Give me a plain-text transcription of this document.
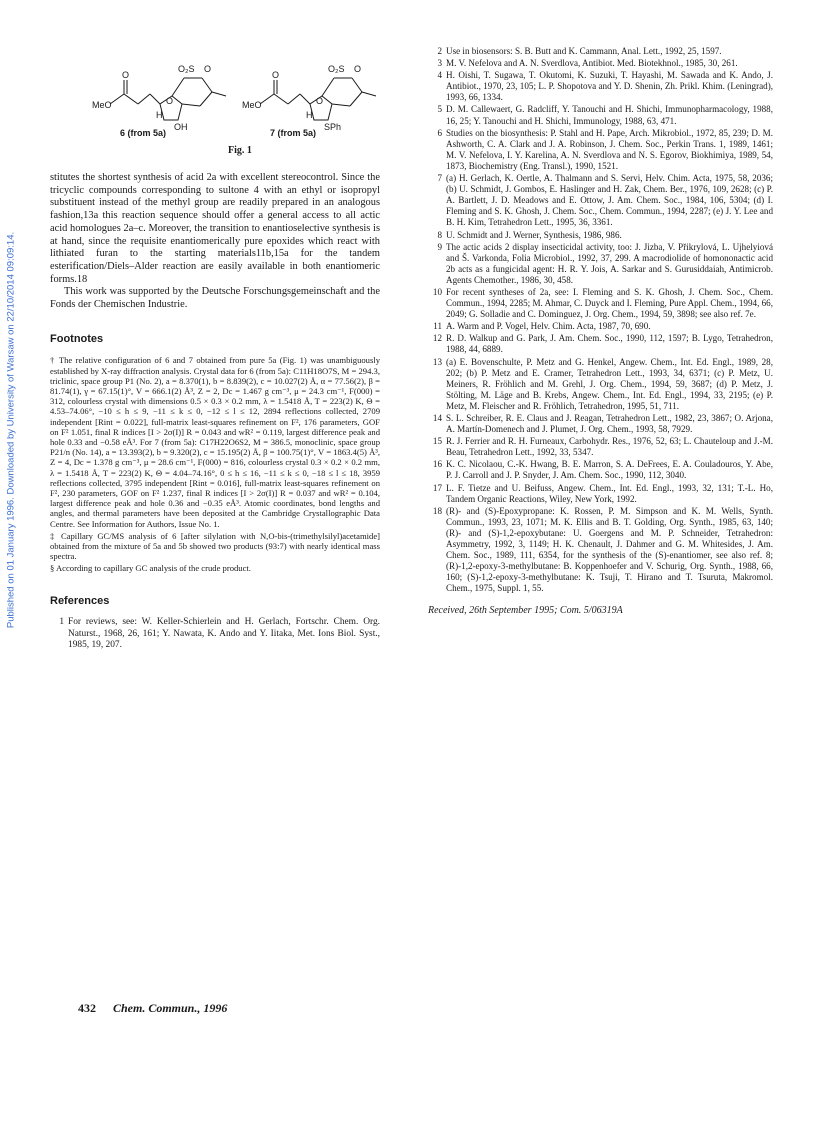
Published on 01 January 1996. Downloaded by University of Warsaw on 22/10/2014 09:09:14.
MeO
O
H
OH
O₂S O
O
6 (from 5a)
MeO
O
H
SPh
O₂S O
O
7 (from 5a)
Fig. 1

stitutes the shortest synthesis of acid 2a with excellent stereocontrol. Since the tricyclic compounds corresponding to sultone 4 with an ethyl or isopropyl substituent instead of the methyl group are readily prepared in an analogous fashion,13a this reaction sequence should offer a general access to all actic acid homologues 2a–c. Moreover, the transition to enantioselective synthesis is at hand, since the requisite enantiomerically pure epoxides which react with lithiated furan to the starting materials11b,15a for the tandem esterification/Diels–Alder reaction are easily available in both enantiomeric forms.18

This work was supported by the Deutsche Forschungsgemeinschaft and the Fonds der Chemischen Industrie.

Footnotes

† The relative configuration of 6 and 7 obtained from pure 5a (Fig. 1) was unambiguously established by X-ray diffraction analysis. Crystal data for 6 (from 5a): C11H18O7S, M = 294.3, triclinic, space group P1 (No. 2), a = 8.370(1), b = 8.839(2), c = 10.027(2) Å, α = 77.56(2), β = 81.74(1), γ = 67.15(1)°, V = 666.1(2) Å³, Z = 2, Dc = 1.467 g cm⁻³, μ = 24.3 cm⁻¹, F(000) = 312, colourless crystal with dimensions 0.5 × 0.3 × 0.2 mm, λ = 1.5418 Å, T = 223(2) K, Θ = 4.53–74.06°, −10 ≤ h ≤ 9, −11 ≤ k ≤ 0, −12 ≤ l ≤ 12, 2894 reflections collected, 2709 independent [Rint = 0.022], full-matrix least-squares refinement on F², 176 parameters, GOF on F² 1.051, final R indices [I > 2σ(I)] R = 0.043 and wR² = 0.119, largest difference peak and hole 0.33 and −0.58 eÅ³. For 7 (from 5a): C17H22O6S2, M = 386.5, monoclinic, space group P21/n (No. 14), a = 13.393(2), b = 9.320(2), c = 15.195(2) Å, β = 100.75(1)°, V = 1863.4(5) Å³, Z = 4, Dc = 1.378 g cm⁻³, μ = 28.6 cm⁻¹, F(000) = 816, colourless crystal 0.3 × 0.2 × 0.2 mm, λ = 1.5418 Å, T = 223(2) K, Θ = 4.04–74.16°, 0 ≤ h ≤ 16, −11 ≤ k ≤ 0, −18 ≤ l ≤ 18, 3959 reflections collected, 3795 independent [Rint = 0.016], full-matrix least-squares refinement on F², 230 parameters, GOF on F² 1.237, final R indices [I > 2σ(I)] R = 0.037 and wR² = 0.104, largest difference peak and hole 0.36 and −0.35 eÅ³. Atomic coordinates, bond lengths and angles, and thermal parameters have been deposited at the Cambridge Crystallographic Data Centre. See Information for Authors, Issue No. 1.

‡ Capillary GC/MS analysis of 6 [after silylation with N,O-bis-(trimethylsilyl)acetamide] obtained from the mixture of 5a and 5b showed two products (93:7) with nearly identical mass spectra.

§ According to capillary GC analysis of the crude product.

References
1 For reviews, see: W. Keller-Schierlein and H. Gerlach, Fortschr. Chem. Org. Naturst., 1968, 26, 161; Y. Nawata, K. Ando and Y. Iitaka, Met. Ions Biol. Syst., 1985, 19, 207.
2 Use in biosensors: S. B. Butt and K. Cammann, Anal. Lett., 1992, 25, 1597.
3 M. V. Nefelova and A. N. Sverdlova, Antibiot. Med. Biotekhnol., 1985, 30, 261.
4 H. Oishi, T. Sugawa, T. Okutomi, K. Suzuki, T. Hayashi, M. Sawada and K. Ando, J. Antibiot., 1970, 23, 105; L. P. Shopotova and Y. D. Shenin, Zh. Prikl. Khim. (Leningrad), 1993, 66, 1334.
5 D. M. Callewaert, G. Radcliff, Y. Tanouchi and H. Shichi, Immunopharmacology, 1988, 16, 25; Y. Tanouchi and H. Shichi, Immunology, 1988, 63, 471.
6 Studies on the biosynthesis: P. Stahl and H. Pape, Arch. Mikrobiol., 1972, 85, 239; D. M. Ashworth, C. A. Clark and J. A. Robinson, J. Chem. Soc., Perkin Trans. 1, 1989, 1461; M. V. Nefelova, I. Y. Karelina, A. N. Sverdlova and N. S. Egorov, Biokhimiya, 1989, 54, 1873, Biochemistry (Eng. Transl.), 1990, 1521.
7 (a) H. Gerlach, K. Oertle, A. Thalmann and S. Servi, Helv. Chim. Acta, 1975, 58, 2036; (b) U. Schmidt, J. Gombos, E. Haslinger and H. Zak, Chem. Ber., 1976, 109, 2628; (c) P. A. Bartlett, J. D. Meadows and E. Ottow, J. Am. Chem. Soc., 1984, 106, 5304; (d) I. Fleming and S. K. Ghosh, J. Chem. Soc., Chem. Commun., 1994, 2287; (e) J. Y. Lee and B. H. Kim, Tetrahedron Lett., 1995, 36, 3361.
8 U. Schmidt and J. Werner, Synthesis, 1986, 986.
9 The actic acids 2 display insecticidal activity, too: J. Jizba, V. Přikrylová, L. Ujhelyiová and Š. Varkonda, Folia Microbiol., 1992, 37, 299. A macrodiolide of homononactic acid 2b acts as a fungicidal agent: H. R. Y. Jois, A. Sarkar and S. Gurusiddaiah, Antimicrob. Agents Chemother., 1986, 30, 458.
10 For recent syntheses of 2a, see: I. Fleming and S. K. Ghosh, J. Chem. Soc., Chem. Commun., 1994, 2285; M. Ahmar, C. Duyck and I. Fleming, Pure Appl. Chem., 1994, 66, 2049; G. Solladie and C. Dominguez, J. Org. Chem., 1994, 59, 3898; see also ref. 7e.
11 A. Warm and P. Vogel, Helv. Chim. Acta, 1987, 70, 690.
12 R. D. Walkup and G. Park, J. Am. Chem. Soc., 1990, 112, 1597; B. Lygo, Tetrahedron, 1988, 44, 6889.
13 (a) E. Bovenschulte, P. Metz and G. Henkel, Angew. Chem., Int. Ed. Engl., 1989, 28, 202; (b) P. Metz and E. Cramer, Tetrahedron Lett., 1993, 34, 6371; (c) P. Metz, U. Meiners, R. Fröhlich and M. Grehl, J. Org. Chem., 1994, 59, 3687; (d) P. Metz, J. Stölting, M. Läge and B. Krebs, Angew. Chem., Int. Ed. Engl., 1994, 33, 2195; (e) P. Metz, M. Fleischer and R. Fröhlich, Tetrahedron, 1995, 51, 711.
14 S. L. Schreiber, R. E. Claus and J. Reagan, Tetrahedron Lett., 1982, 23, 3867; O. Arjona, A. Martín-Domenech and J. Plumet, J. Org. Chem., 1993, 58, 7929.
15 R. J. Ferrier and R. H. Furneaux, Carbohydr. Res., 1976, 52, 63; L. Chauteloup and J.-M. Beau, Tetrahedron Lett., 1992, 33, 5347.
16 K. C. Nicolaou, C.-K. Hwang, B. E. Marron, S. A. DeFrees, E. A. Couladouros, Y. Abe, P. J. Carroll and J. P. Snyder, J. Am. Chem. Soc., 1990, 112, 3040.
17 L. F. Tietze and U. Beifuss, Angew. Chem., Int. Ed. Engl., 1993, 32, 131; T.-L. Ho, Tandem Organic Reactions, Wiley, New York, 1992.
18 (R)- and (S)-Epoxypropane: K. Rossen, P. M. Simpson and K. M. Wells, Synth. Commun., 1993, 23, 1071; M. K. Ellis and B. T. Golding, Org. Synth., 1985, 63, 140; (R)- and (S)-1,2-epoxybutane: U. Goergens and M. P. Schneider, Tetrahedron: Asymmetry, 1992, 3, 1149; H. K. Chenault, J. Dahmer and G. M. Whitesides, J. Am. Chem. Soc., 1989, 111, 6354, for the synthesis of the (S)-enantiomer, see also ref. 8; (R)-1,2-epoxy-3-methylbutane: B. Koppenhoefer and V. Schurig, Org. Synth., 1988, 66, 160; (S)-1,2-epoxy-3-methylbutane: K. Tsuji, T. Hirano and T. Tsuruta, Makromol. Chem., 1975, Suppl. 1, 55.
Received, 26th September 1995; Com. 5/06319A
432 Chem. Commun., 1996
